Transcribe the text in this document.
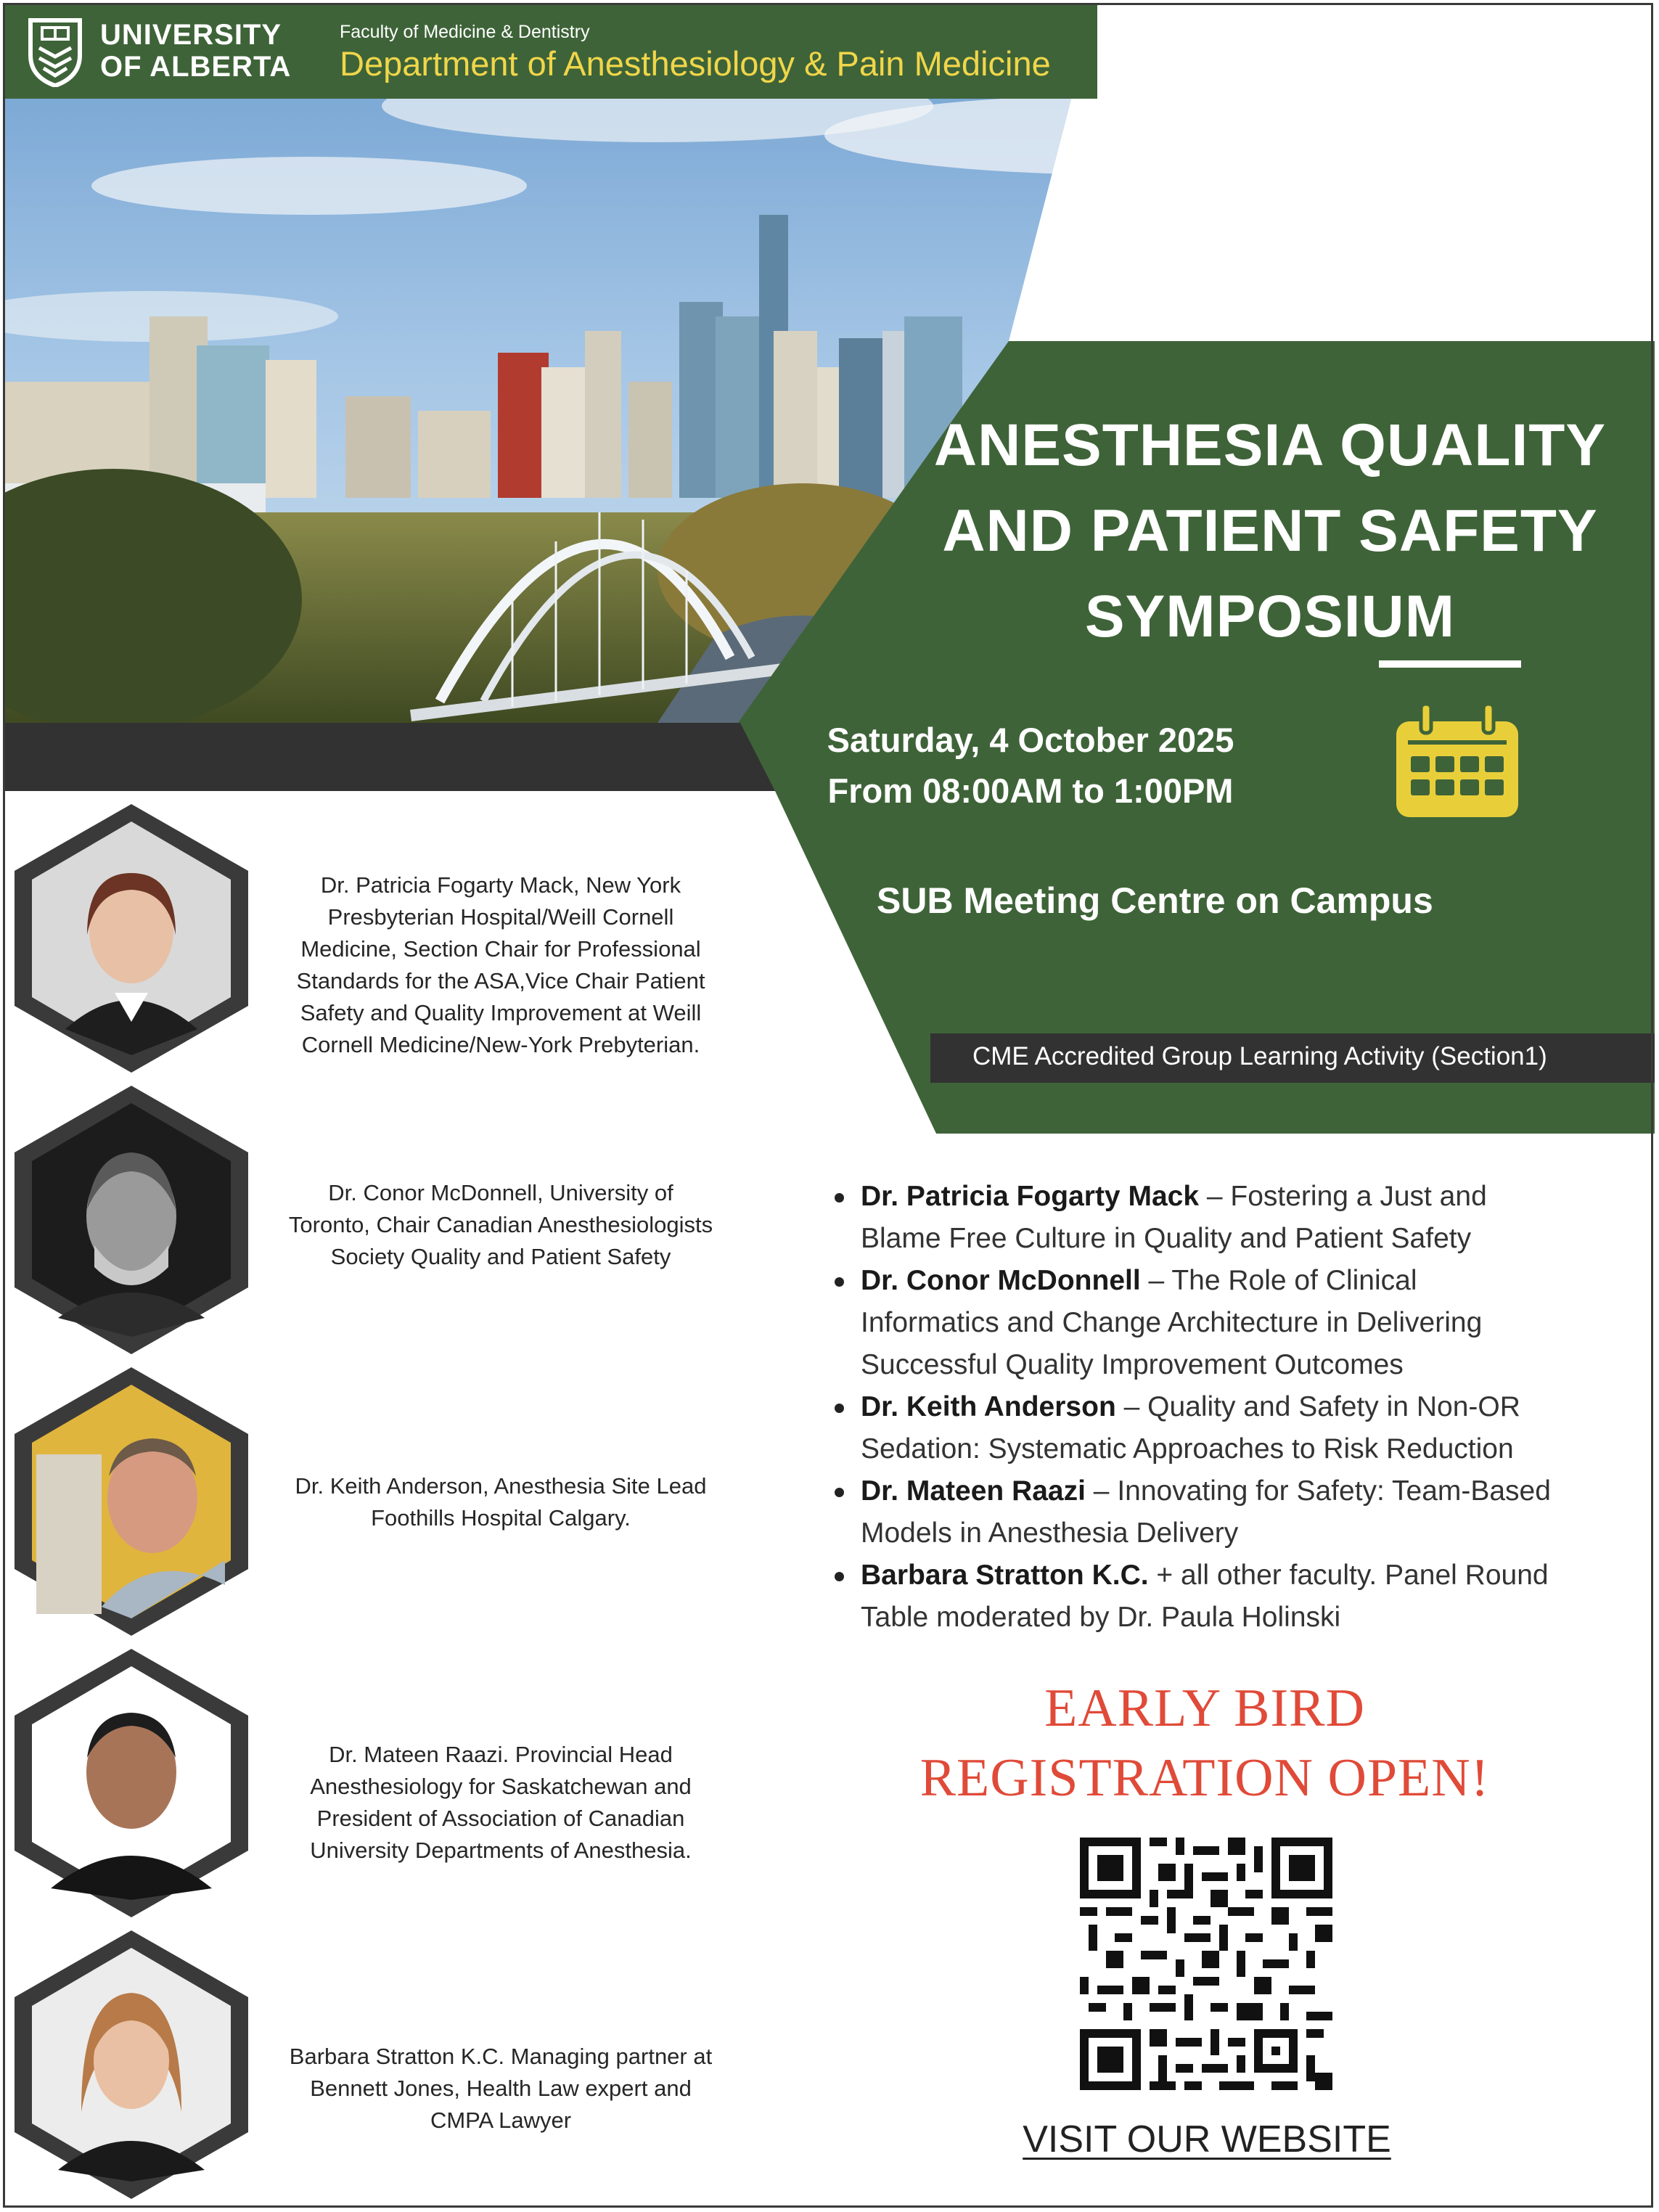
UNIVERSITY
OF ALBERTA
Faculty of Medicine & Dentistry
Department of Anesthesiology & Pain Medicine
ANESTHESIA QUALITY
AND PATIENT SAFETY
SYMPOSIUM
Saturday, 4 October 2025
From 08:00AM to 1:00PM
SUB Meeting Centre on Campus
CME Accredited Group Learning Activity (Section1)
Dr. Patricia Fogarty Mack, New York
Presbyterian Hospital/Weill Cornell
Medicine, Section Chair for Professional
Standards for the ASA,Vice Chair Patient
Safety and Quality Improvement at Weill
Cornell Medicine/New-York Prebyterian.
Dr. Conor McDonnell, University of
Toronto, Chair Canadian Anesthesiologists
Society Quality and Patient Safety
Dr. Keith Anderson, Anesthesia Site Lead
Foothills Hospital Calgary.
Dr. Mateen Raazi. Provincial Head
Anesthesiology for Saskatchewan and
President of Association of Canadian
University Departments of Anesthesia.
Barbara Stratton K.C. Managing partner at
Bennett Jones, Health Law expert and
CMPA Lawyer
Dr. Patricia Fogarty Mack – Fostering a Just and
Blame Free Culture in Quality and Patient Safety
Dr. Conor McDonnell – The Role of Clinical
Informatics and Change Architecture in Delivering
Successful Quality Improvement Outcomes
Dr. Keith Anderson – Quality and Safety in Non-OR
Sedation: Systematic Approaches to Risk Reduction
Dr. Mateen Raazi – Innovating for Safety: Team-Based
Models in Anesthesia Delivery
Barbara Stratton K.C. + all other faculty. Panel Round
Table moderated by Dr. Paula Holinski
EARLY BIRD
REGISTRATION OPEN!
VISIT OUR WEBSITE
